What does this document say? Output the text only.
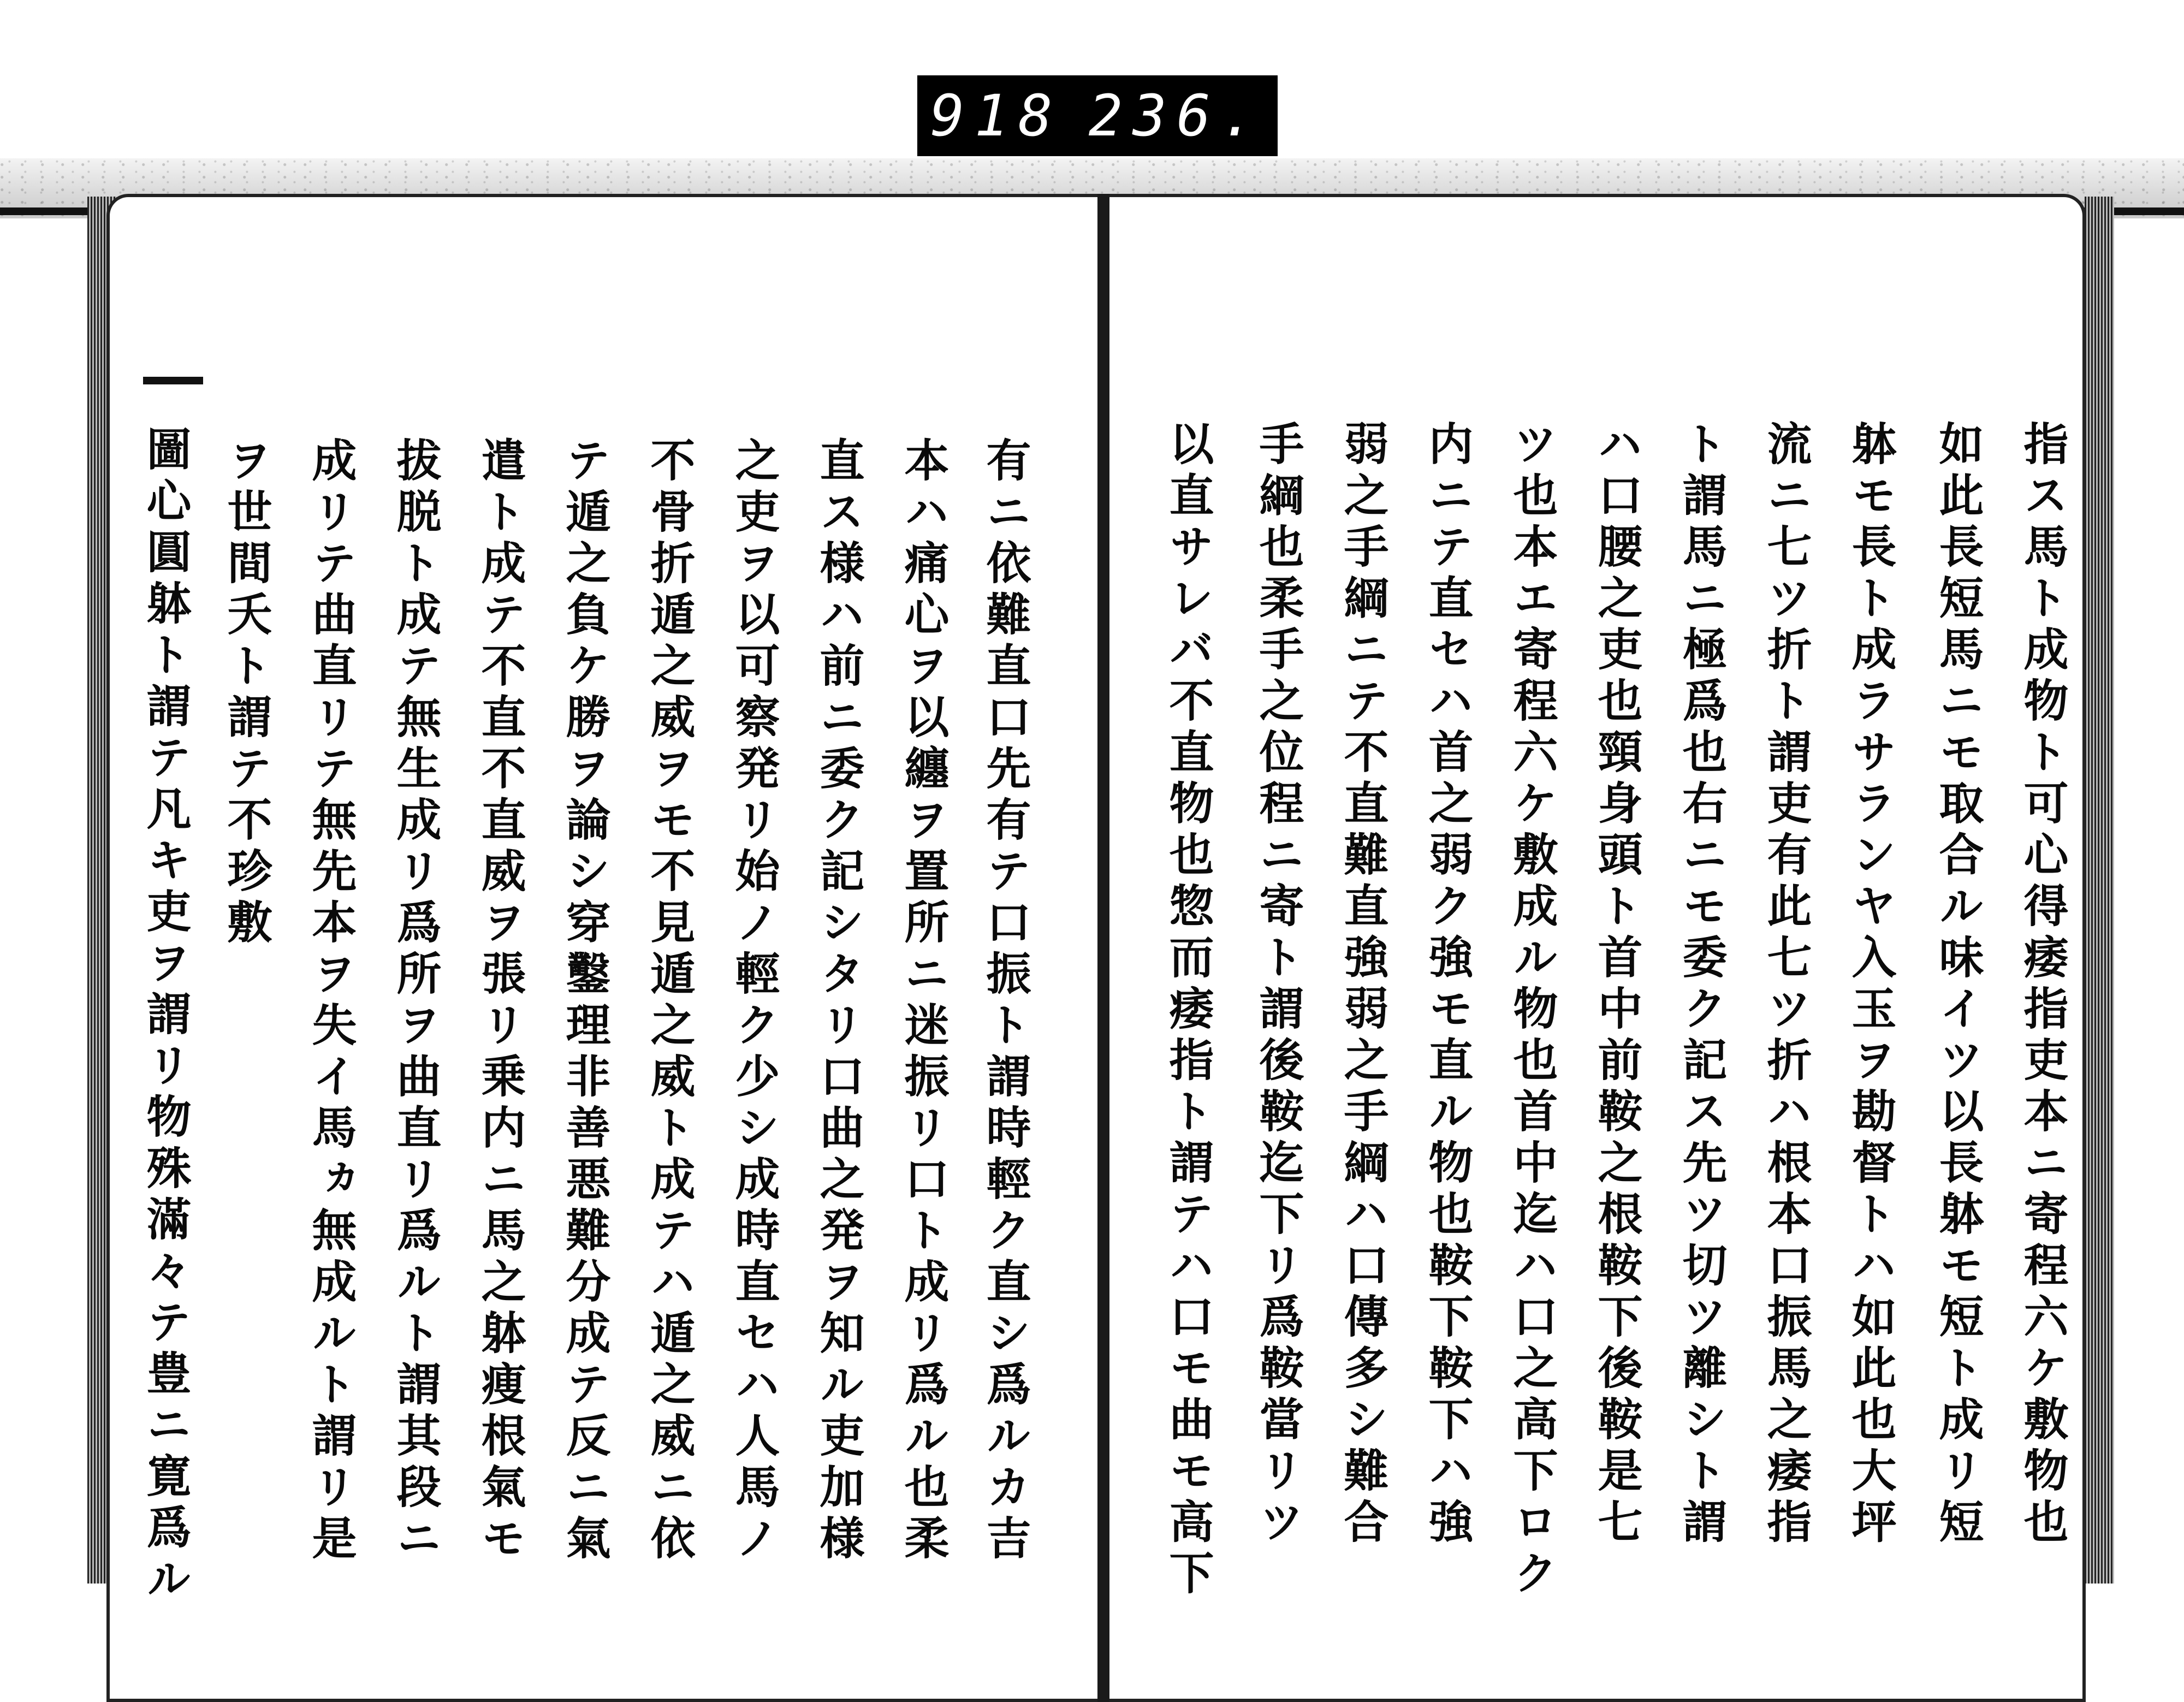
918 236.
指ス馬ト成物ト可心得痿指吏本ニ寄程六ケ敷物也
如此長短馬ニモ取合ル味イツ以長躰モ短ト成リ短
躰モ長ト成ラサランヤ入玉ヲ勘督トハ如此也大坪
流ニ七ツ折ト謂吏有此七ツ折ハ根本口振馬之痿指
ト謂馬ニ極爲也右ニモ委ク記ス先ツ切ツ離シト謂
ハ口腰之吏也頸身頭ト首中前鞍之根鞍下後鞍是七
ツ也本エ寄程六ケ敷成ル物也首中迄ハ口之高下ロク
内ニテ直セハ首之弱ク強モ直ル物也鞍下鞍下ハ強
弱之手綱ニテ不直難直強弱之手綱ハ口傳多シ難合
手綱也柔手之位程ニ寄ト謂後鞍迄下リ爲鞍當リツ
以直サレバ不直物也惣而痿指ト謂テハ口モ曲モ高下
有ニ依難直口先有テ口振ト謂時輕ク直シ爲ルカ吉
本ハ痛心ヲ以纏ヲ置所ニ迷振リ口ト成リ爲ル也柔
直ス様ハ前ニ委ク記シタリ口曲之発ヲ知ル吏加様
之吏ヲ以可察発リ始ノ輕ク少シ成時直セハ人馬ノ
不骨折遁之威ヲモ不見遁之威ト成テハ遁之威ニ依
テ遁之負ケ勝ヲ論シ穿鑿理非善悪難分成テ反ニ氣
遣ト成テ不直不直威ヲ張リ乗内ニ馬之躰痩根氣モ
拔脱ト成テ無生成リ爲所ヲ曲直リ爲ルト謂其段ニ
成リテ曲直リテ無先本ヲ失イ馬ヵ無成ルト謂リ是
ヲ世間夭ト謂テ不珍敷
圖心圓躰ト謂テ凡キ吏ヲ謂リ物殊滿々テ豊ニ寛爲ル
